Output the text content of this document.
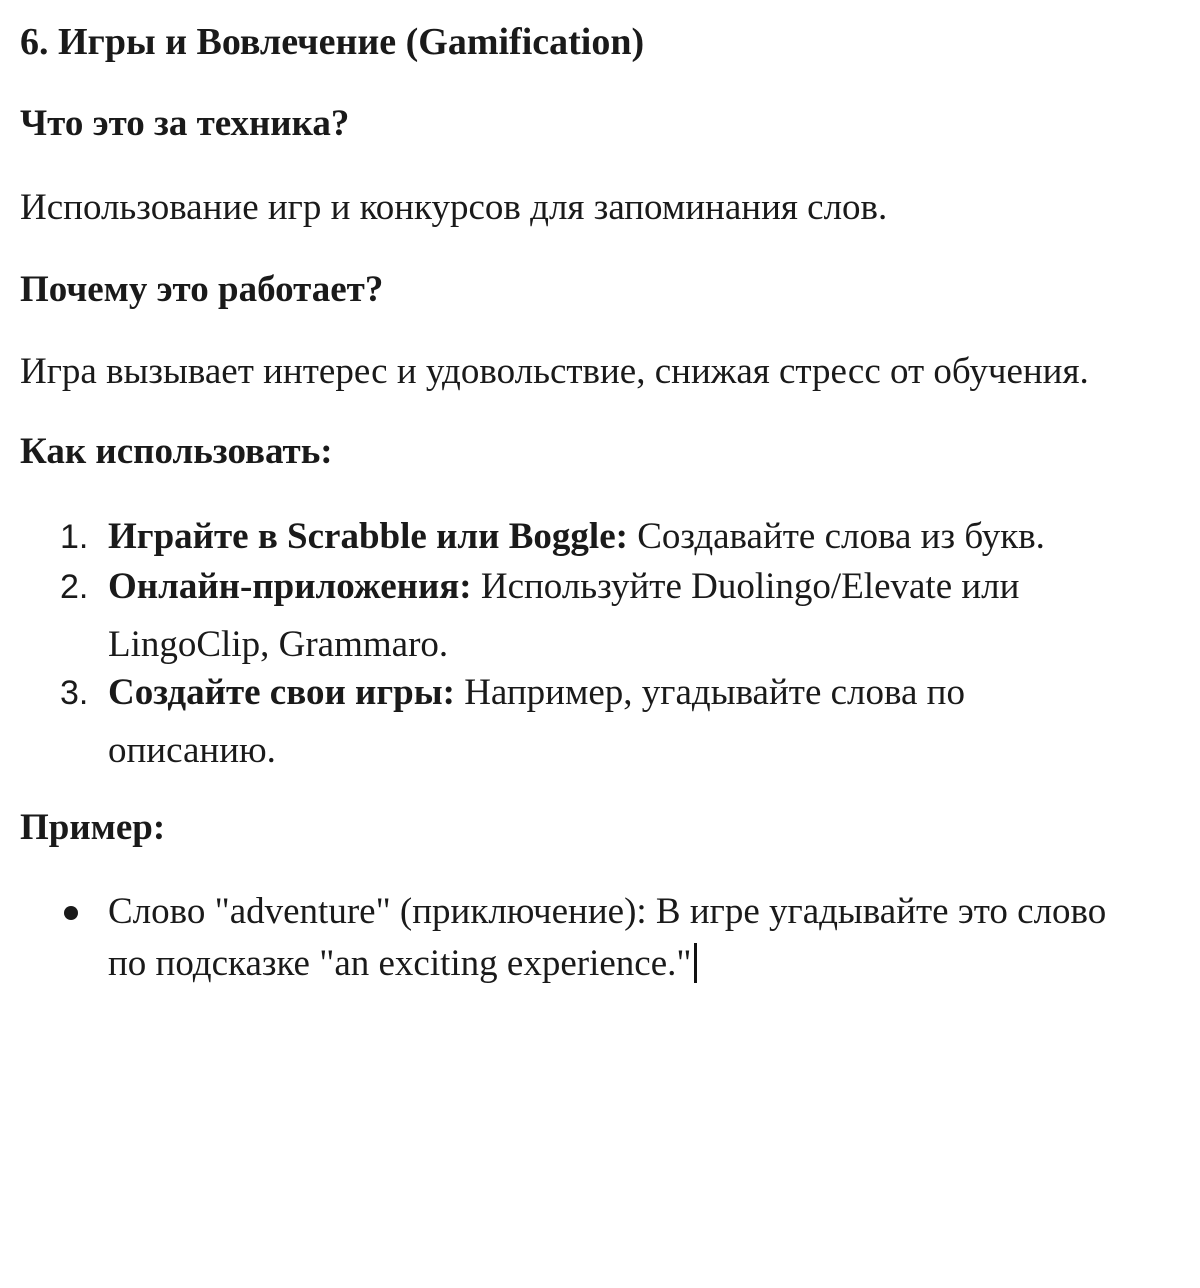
6. Игры и Вовлечение (Gamification)
Что это за техника?
Использование игр и конкурсов для запоминания слов.
Почему это работает?
Игра вызывает интерес и удовольствие, снижая стресс от обучения.
Как использовать:
1. Играйте в Scrabble или Boggle: Создавайте слова из букв.
2. Онлайн-приложения: Используйте Duolingo/Elevate или
LingoClip, Grammaro.
3. Создайте свои игры: Например, угадывайте слова по
описанию.
Пример:
Слово "adventure" (приключение): В игре угадывайте это слово
по подсказке "an exciting experience."
